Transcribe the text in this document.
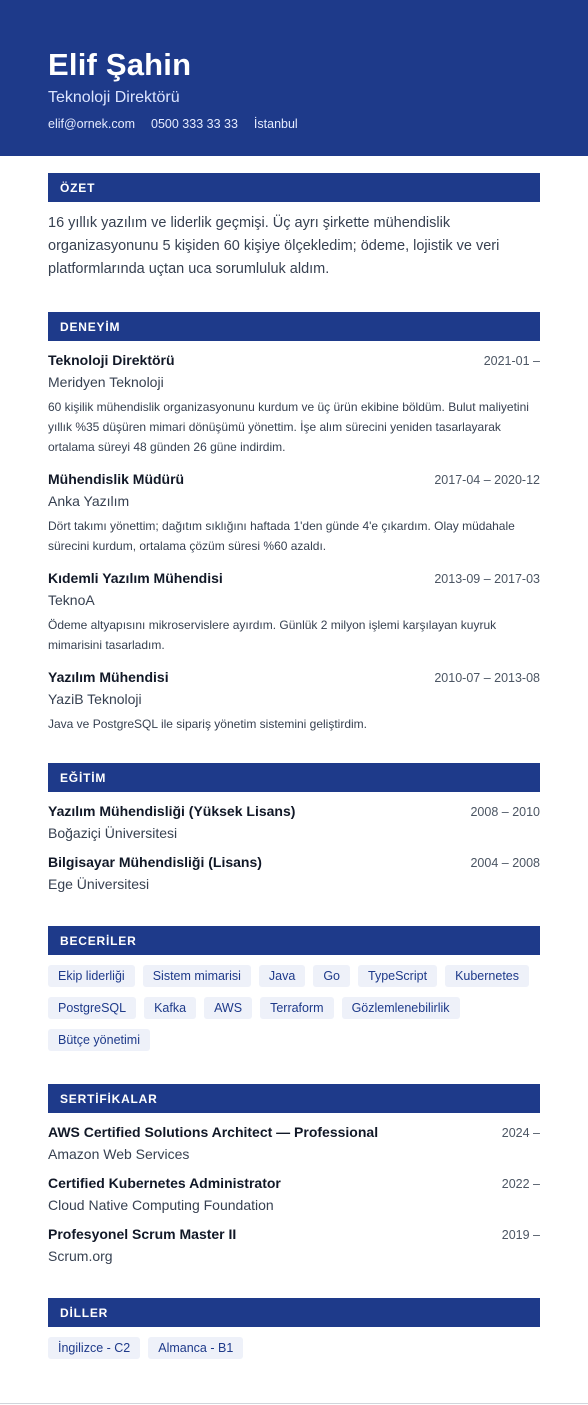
Elif Şahin
Teknoloji Direktörü
elif@ornek.com 0500 333 33 33 İstanbul
ÖZET

16 yıllık yazılım ve liderlik geçmişi. Üç ayrı şirkette mühendislik organizasyonunu 5 kişiden 60 kişiye ölçekledim; ödeme, lojistik ve veri platformlarında uçtan uca sorumluluk aldım.

DENEYİM
Teknoloji Direktörü	2021-01 –
Meridyen Teknoloji
60 kişilik mühendislik organizasyonunu kurdum ve üç ürün ekibine böldüm. Bulut maliyetini yıllık %35 düşüren mimari dönüşümü yönettim. İşe alım sürecini yeniden tasarlayarak ortalama süreyi 48 günden 26 güne indirdim.
Mühendislik Müdürü	2017-04 – 2020-12
Anka Yazılım
Dört takımı yönettim; dağıtım sıklığını haftada 1'den günde 4'e çıkardım. Olay müdahale sürecini kurdum, ortalama çözüm süresi %60 azaldı.
Kıdemli Yazılım Mühendisi	2013-09 – 2017-03
TeknoA
Ödeme altyapısını mikroservislere ayırdım. Günlük 2 milyon işlemi karşılayan kuyruk mimarisini tasarladım.
Yazılım Mühendisi	2010-07 – 2013-08
YaziB Teknoloji
Java ve PostgreSQL ile sipariş yönetim sistemini geliştirdim.
EĞİTİM
Yazılım Mühendisliği (Yüksek Lisans)	2008 – 2010
Boğaziçi Üniversitesi
Bilgisayar Mühendisliği (Lisans)	2004 – 2008
Ege Üniversitesi
BECERİLER
Ekip liderliği	Sistem mimarisi	Java	Go	TypeScript	Kubernetes
PostgreSQL	Kafka	AWS	Terraform	Gözlemlenebilirlik
Bütçe yönetimi
SERTİFİKALAR
AWS Certified Solutions Architect — Professional	2024 –
Amazon Web Services
Certified Kubernetes Administrator	2022 –
Cloud Native Computing Foundation
Profesyonel Scrum Master II	2019 –
Scrum.org
DİLLER
İngilizce - C2	Almanca - B1
